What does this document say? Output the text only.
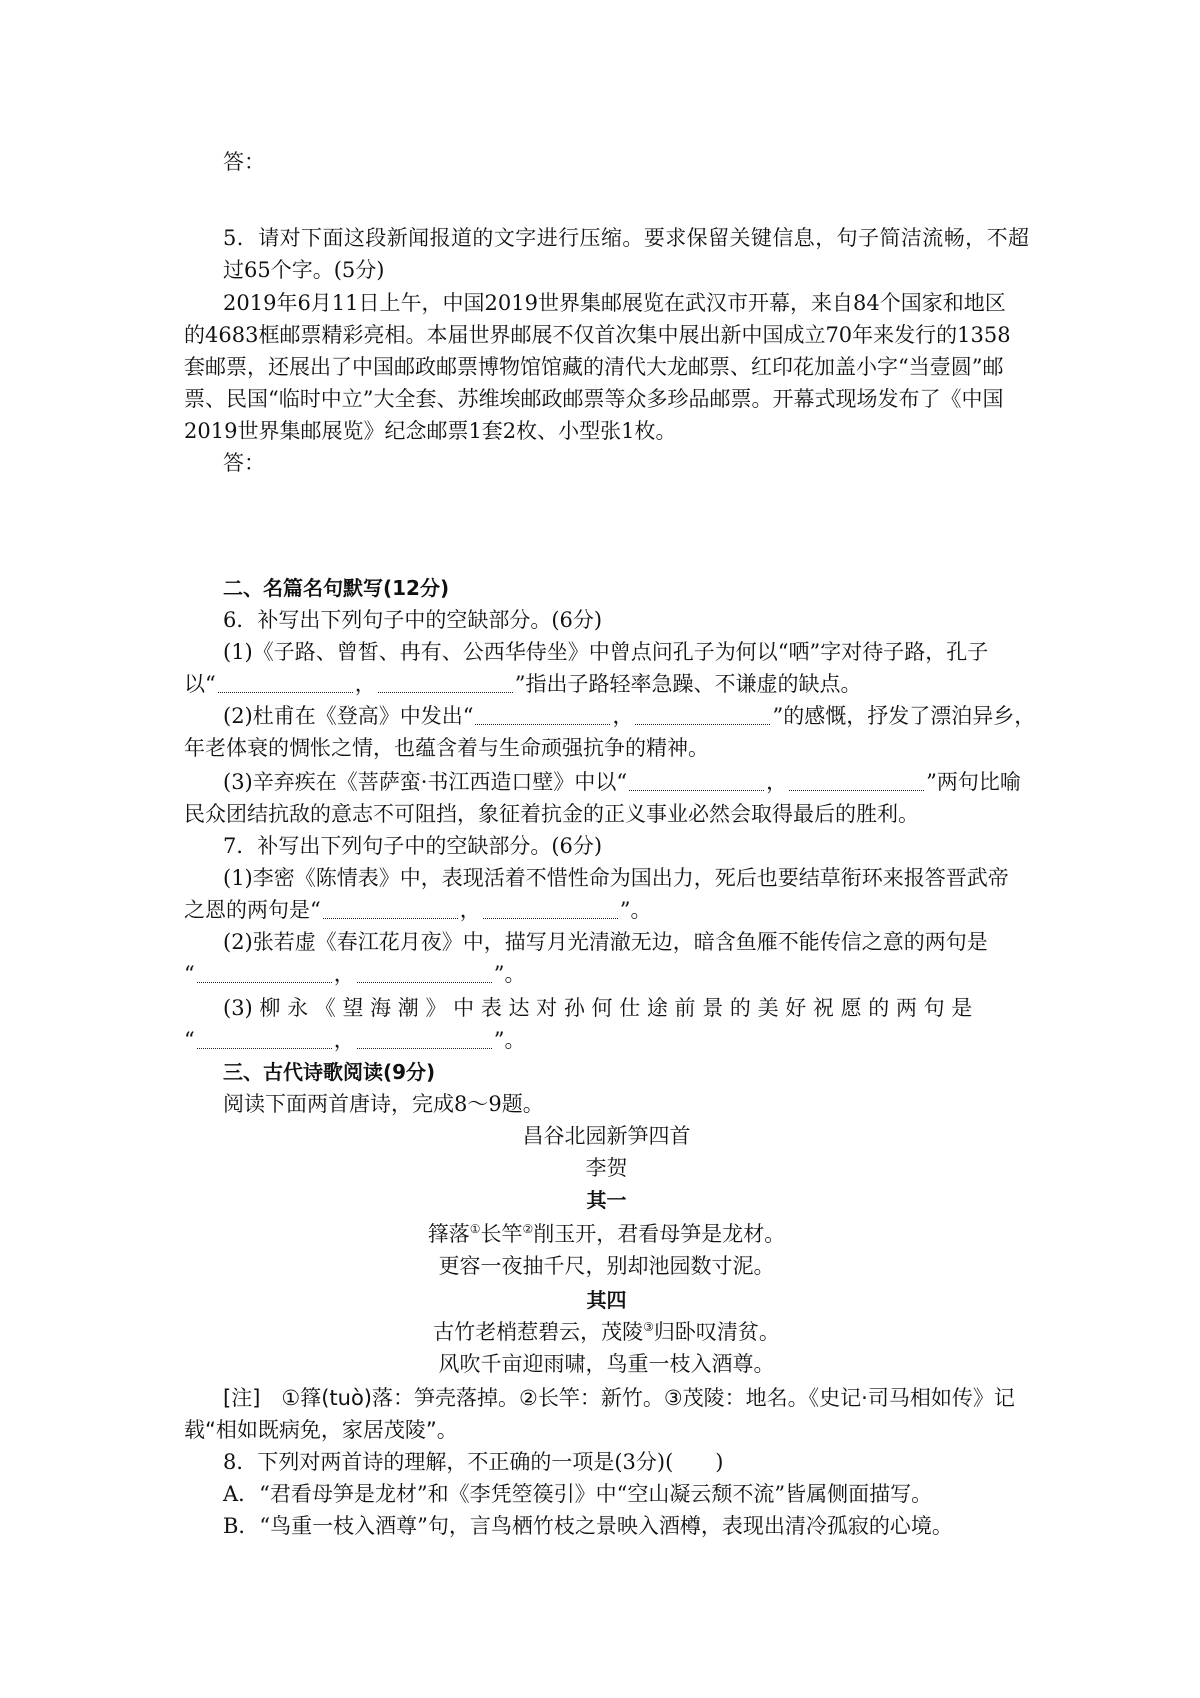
答：

5．请对下面这段新闻报道的文字进行压缩。要求保留关键信息，句子简洁流畅，不超过65个字。(5分)

2019年6月11日上午，中国2019世界集邮展览在武汉市开幕，来自84个国家和地区

的4683框邮票精彩亮相。本届世界邮展不仅首次集中展出新中国成立70年来发行的1358

套邮票，还展出了中国邮政邮票博物馆馆藏的清代大龙邮票、红印花加盖小字“当壹圆”邮

票、民国“临时中立”大全套、苏维埃邮政邮票等众多珍品邮票。开幕式现场发布了《中国

2019世界集邮展览》纪念邮票1套2枚、小型张1枚。

答：

二、名篇名句默写(12分)

6．补写出下列句子中的空缺部分。(6分)

(1)《子路、曾皙、冉有、公西华侍坐》中曾点问孔子为何以“哂”字对待子路，孔子

以“	，	”指出子路轻率急躁、不谦虚的缺点。

(2)杜甫在《登高》中发出“	，	”的感慨，抒发了漂泊异乡，

年老体衰的惆怅之情，也蕴含着与生命顽强抗争的精神。

(3)辛弃疾在《菩萨蛮·书江西造口壁》中以“	，	”两句比喻

民众团结抗敌的意志不可阻挡，象征着抗金的正义事业必然会取得最后的胜利。

7．补写出下列句子中的空缺部分。(6分)

(1)李密《陈情表》中，表现活着不惜性命为国出力，死后也要结草衔环来报答晋武帝

之恩的两句是“	，	”。

(2)张若虚《春江花月夜》中，描写月光清澈无边，暗含鱼雁不能传信之意的两句是

“	，	”。

(3) 柳 永 《 望 海 潮 》 中 表 达 对 孙 何 仕 途 前 景 的 美 好 祝 愿 的 两 句 是

“	，	”。

三、古代诗歌阅读(9分)

阅读下面两首唐诗，完成8～9题。

昌谷北园新笋四首

李贺

其一

箨落①长竿②削玉开，君看母笋是龙材。

更容一夜抽千尺，别却池园数寸泥。

其四

古竹老梢惹碧云，茂陵③归卧叹清贫。

风吹千亩迎雨啸，鸟重一枝入酒尊。

[注]　①箨(tuò)落：笋壳落掉。②长竿：新竹。③茂陵：地名。《史记·司马相如传》记

载“相如既病免，家居茂陵”。

8．下列对两首诗的理解，不正确的一项是(3分)(　　)

A．“君看母笋是龙材”和《李凭箜篌引》中“空山凝云颓不流”皆属侧面描写。

B．“鸟重一枝入酒尊”句，言鸟栖竹枝之景映入酒樽，表现出清冷孤寂的心境。
